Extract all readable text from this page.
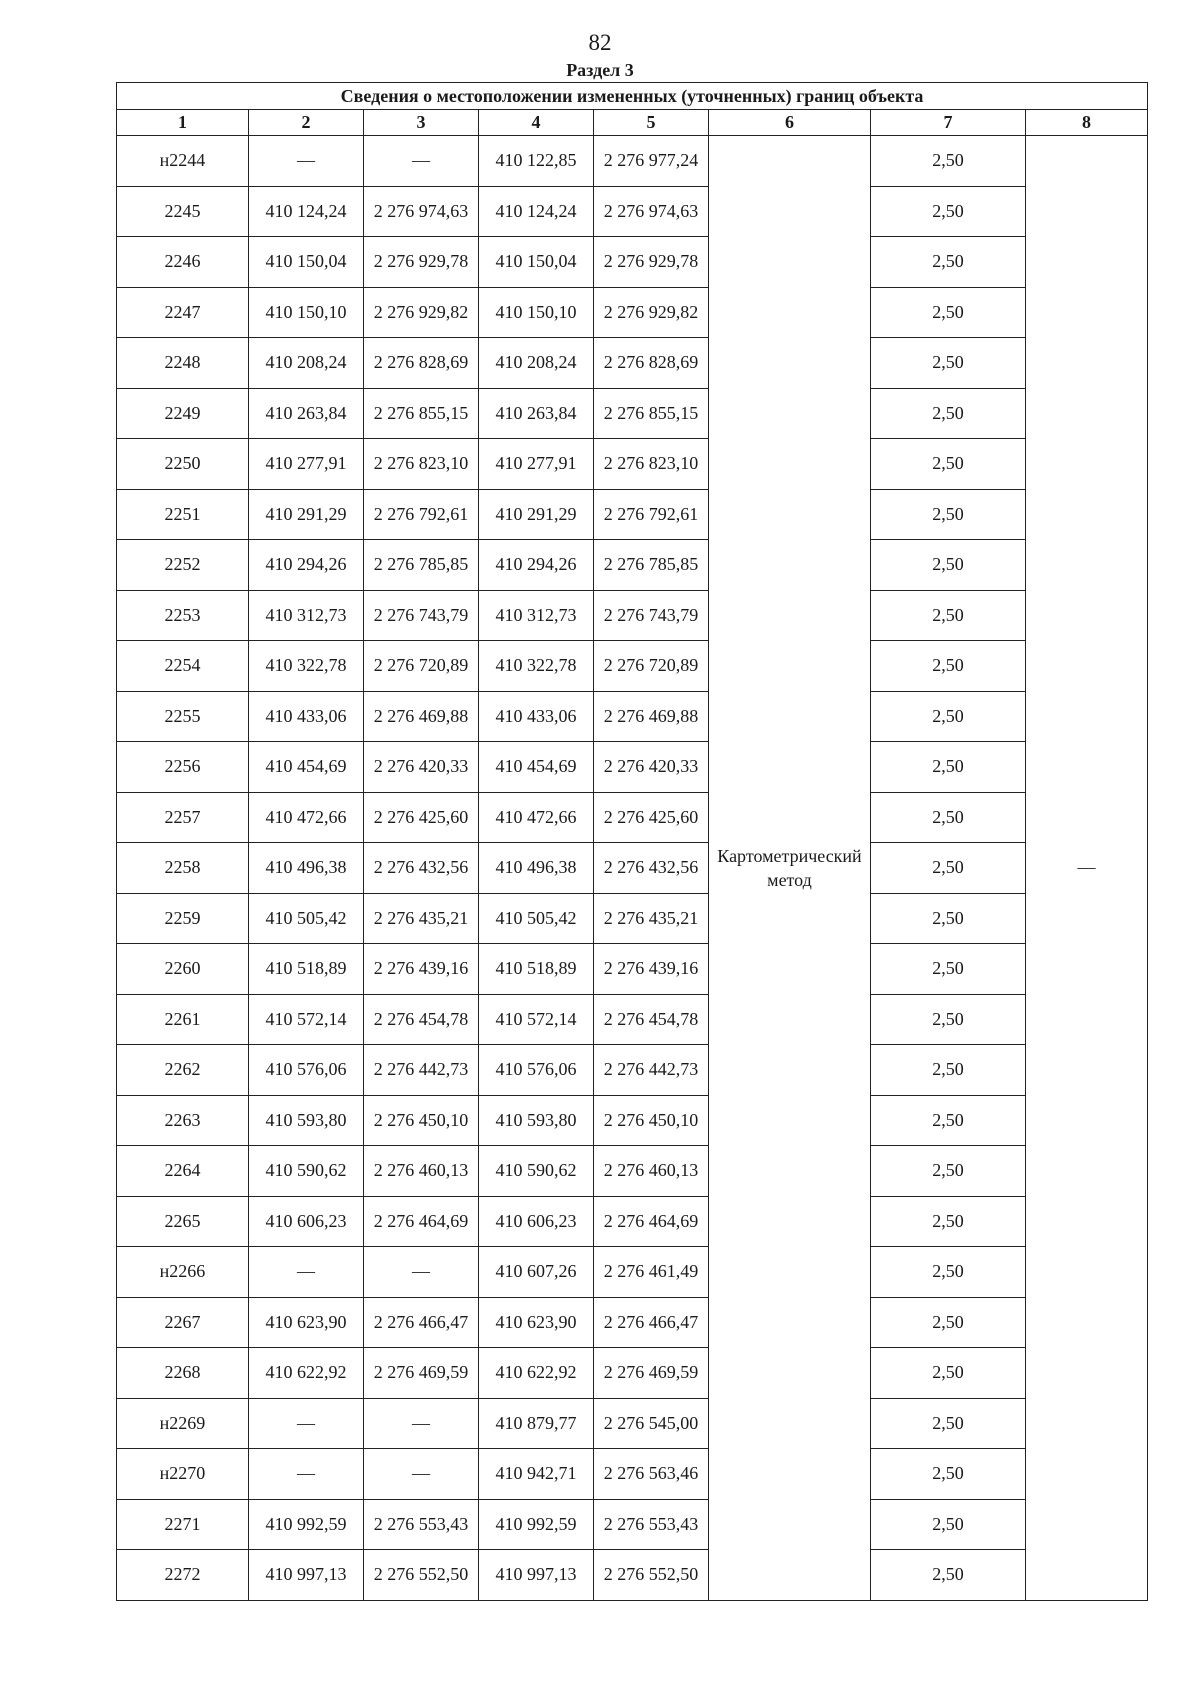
82
Раздел 3
Сведения о местоположении измененных (уточненных) границ объекта							
1	2	3	4	5	6	7	8
н2244	—	—	410 122,85	2 276 977,24	Картометрический метод	2,50	—
2245	410 124,24	2 276 974,63	410 124,24	2 276 974,63		2,50	
2246	410 150,04	2 276 929,78	410 150,04	2 276 929,78		2,50	
2247	410 150,10	2 276 929,82	410 150,10	2 276 929,82		2,50	
2248	410 208,24	2 276 828,69	410 208,24	2 276 828,69		2,50	
2249	410 263,84	2 276 855,15	410 263,84	2 276 855,15		2,50	
2250	410 277,91	2 276 823,10	410 277,91	2 276 823,10		2,50	
2251	410 291,29	2 276 792,61	410 291,29	2 276 792,61		2,50	
2252	410 294,26	2 276 785,85	410 294,26	2 276 785,85		2,50	
2253	410 312,73	2 276 743,79	410 312,73	2 276 743,79		2,50	
2254	410 322,78	2 276 720,89	410 322,78	2 276 720,89		2,50	
2255	410 433,06	2 276 469,88	410 433,06	2 276 469,88		2,50	
2256	410 454,69	2 276 420,33	410 454,69	2 276 420,33		2,50	
2257	410 472,66	2 276 425,60	410 472,66	2 276 425,60		2,50	
2258	410 496,38	2 276 432,56	410 496,38	2 276 432,56		2,50	
2259	410 505,42	2 276 435,21	410 505,42	2 276 435,21		2,50	
2260	410 518,89	2 276 439,16	410 518,89	2 276 439,16		2,50	
2261	410 572,14	2 276 454,78	410 572,14	2 276 454,78		2,50	
2262	410 576,06	2 276 442,73	410 576,06	2 276 442,73		2,50	
2263	410 593,80	2 276 450,10	410 593,80	2 276 450,10		2,50	
2264	410 590,62	2 276 460,13	410 590,62	2 276 460,13		2,50	
2265	410 606,23	2 276 464,69	410 606,23	2 276 464,69		2,50	
н2266	—	—	410 607,26	2 276 461,49		2,50	
2267	410 623,90	2 276 466,47	410 623,90	2 276 466,47		2,50	
2268	410 622,92	2 276 469,59	410 622,92	2 276 469,59		2,50	
н2269	—	—	410 879,77	2 276 545,00		2,50	
н2270	—	—	410 942,71	2 276 563,46		2,50	
2271	410 992,59	2 276 553,43	410 992,59	2 276 553,43		2,50	
2272	410 997,13	2 276 552,50	410 997,13	2 276 552,50		2,50	
